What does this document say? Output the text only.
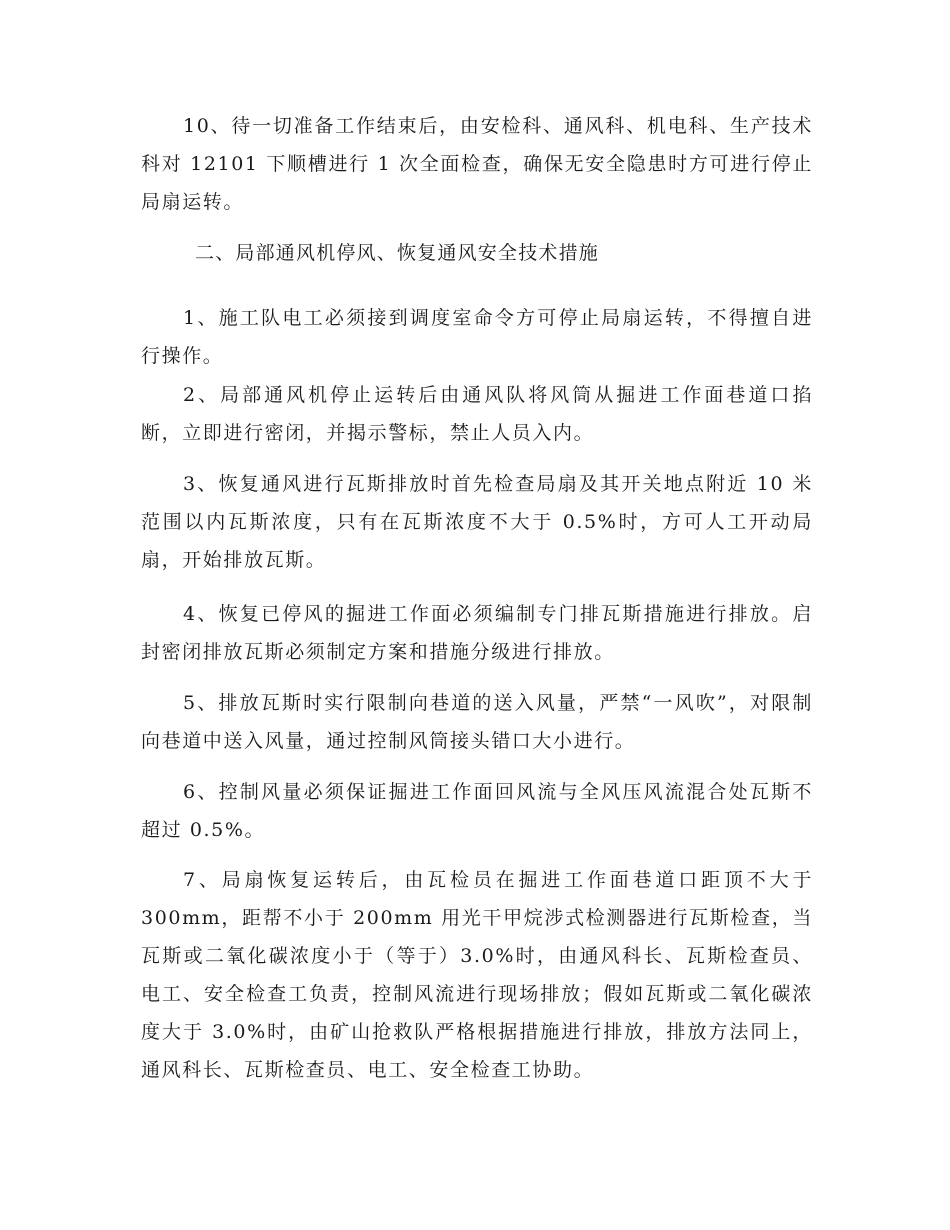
10、待一切准备工作结束后，由安检科、通风科、机电科、生产技术科对 12101 下顺槽进行 1 次全面检查，确保无安全隐患时方可进行停止局扇运转。

二、局部通风机停风、恢复通风安全技术措施

1、施工队电工必须接到调度室命令方可停止局扇运转，不得擅自进行操作。

2、局部通风机停止运转后由通风队将风筒从掘进工作面巷道口掐断，立即进行密闭，并揭示警标，禁止人员入内。

3、恢复通风进行瓦斯排放时首先检查局扇及其开关地点附近 10 米范围以内瓦斯浓度，只有在瓦斯浓度不大于 0.5%时，方可人工开动局扇，开始排放瓦斯。

4、恢复已停风的掘进工作面必须编制专门排瓦斯措施进行排放。启封密闭排放瓦斯必须制定方案和措施分级进行排放。

5、排放瓦斯时实行限制向巷道的送入风量，严禁“一风吹”，对限制向巷道中送入风量，通过控制风筒接头错口大小进行。

6、控制风量必须保证掘进工作面回风流与全风压风流混合处瓦斯不超过 0.5%。

7、局扇恢复运转后，由瓦检员在掘进工作面巷道口距顶不大于300mm，距帮不小于 200mm 用光干甲烷涉式检测器进行瓦斯检查，当瓦斯或二氧化碳浓度小于（等于）3.0%时，由通风科长、瓦斯检查员、电工、安全检查工负责，控制风流进行现场排放；假如瓦斯或二氧化碳浓度大于 3.0%时，由矿山抢救队严格根据措施进行排放，排放方法同上，通风科长、瓦斯检查员、电工、安全检查工协助。
